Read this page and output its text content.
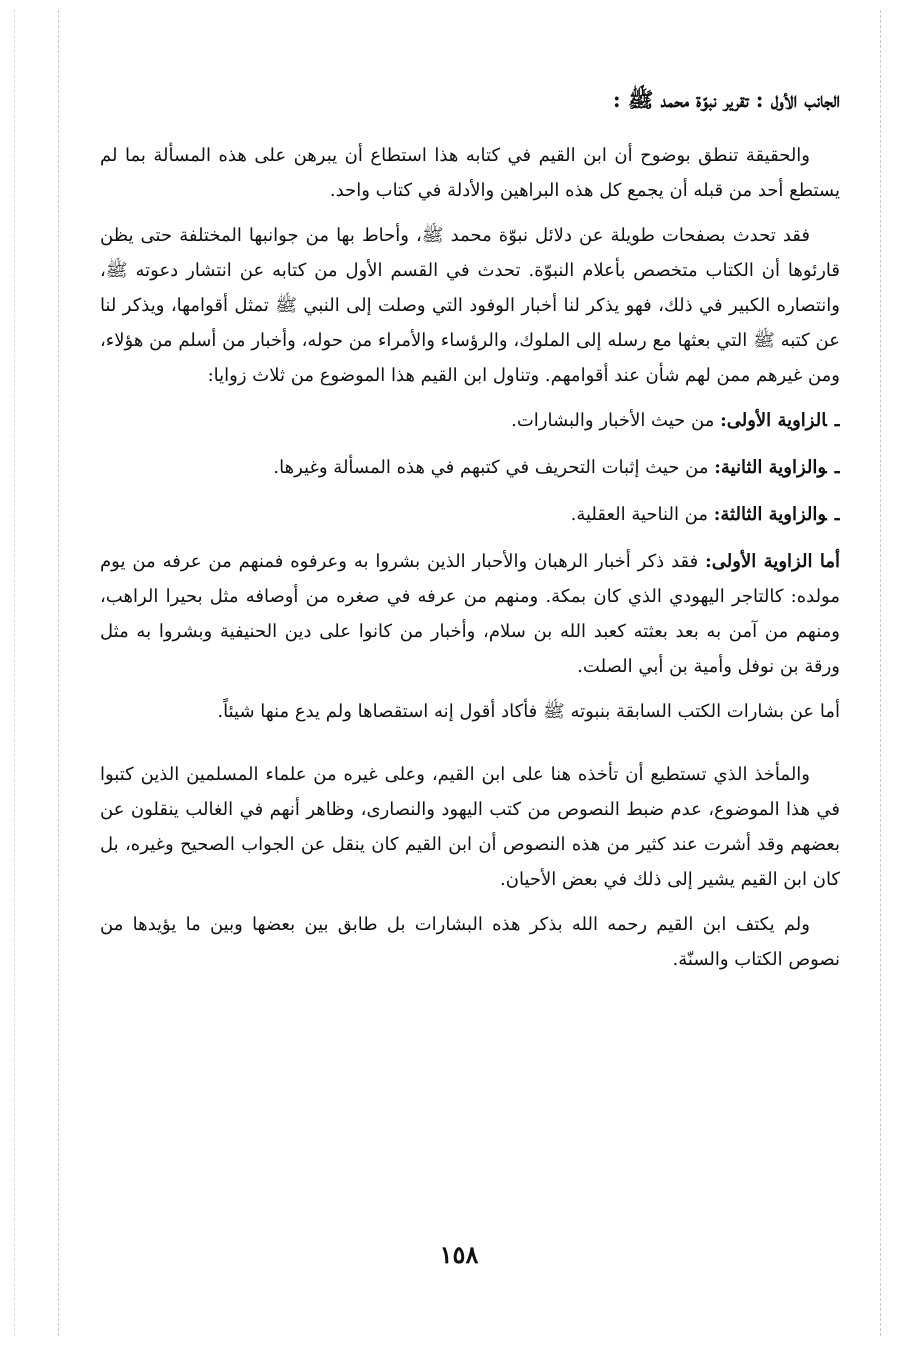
الجانب الأول : تقرير نبوّة محمد ﷺ :

والحقيقة تنطق بوضوح أن ابن القيم في كتابه هذا استطاع أن يبرهن على هذه المسألة بما لم يستطع أحد من قبله أن يجمع كل هذه البراهين والأدلة في كتاب واحد.

فقد تحدث بصفحات طويلة عن دلائل نبوّة محمد ﷺ، وأحاط بها من جوانبها المختلفة حتى يظن قارئوها أن الكتاب متخصص بأعلام النبوّة. تحدث في القسم الأول من كتابه عن انتشار دعوته ﷺ، وانتصاره الكبير في ذلك، فهو يذكر لنا أخبار الوفود التي وصلت إلى النبي ﷺ تمثل أقوامها، ويذكر لنا عن كتبه ﷺ التي بعثها مع رسله إلى الملوك، والرؤساء والأمراء من حوله، وأخبار من أسلم من هؤلاء، ومن غيرهم ممن لهم شأن عند أقوامهم. وتناول ابن القيم هذا الموضوع من ثلاث زوايا:

ـالزاوية الأولى: من حيث الأخبار والبشارات.
ـوالزاوية الثانية: من حيث إثبات التحريف في كتبهم في هذه المسألة وغيرها.
ـوالزاوية الثالثة: من الناحية العقلية.

أما الزاوية الأولى: فقد ذكر أخبار الرهبان والأحبار الذين بشروا به وعرفوه فمنهم من عرفه من يوم مولده: كالتاجر اليهودي الذي كان بمكة. ومنهم من عرفه في صغره من أوصافه مثل بحيرا الراهب، ومنهم من آمن به بعد بعثته كعبد الله بن سلام، وأخبار من كانوا على دين الحنيفية وبشروا به مثل ورقة بن نوفل وأمية بن أبي الصلت.

أما عن بشارات الكتب السابقة بنبوته ﷺ فأكاد أقول إنه استقصاها ولم يدع منها شيئاً.

والمأخذ الذي تستطيع أن تأخذه هنا على ابن القيم، وعلى غيره من علماء المسلمين الذين كتبوا في هذا الموضوع، عدم ضبط النصوص من كتب اليهود والنصارى، وظاهر أنهم في الغالب ينقلون عن بعضهم وقد أشرت عند كثير من هذه النصوص أن ابن القيم كان ينقل عن الجواب الصحيح وغيره، بل كان ابن القيم يشير إلى ذلك في بعض الأحيان.

ولم يكتف ابن القيم رحمه الله بذكر هذه البشارات بل طابق بين بعضها وبين ما يؤيدها من نصوص الكتاب والسنّة.

١٥٨
